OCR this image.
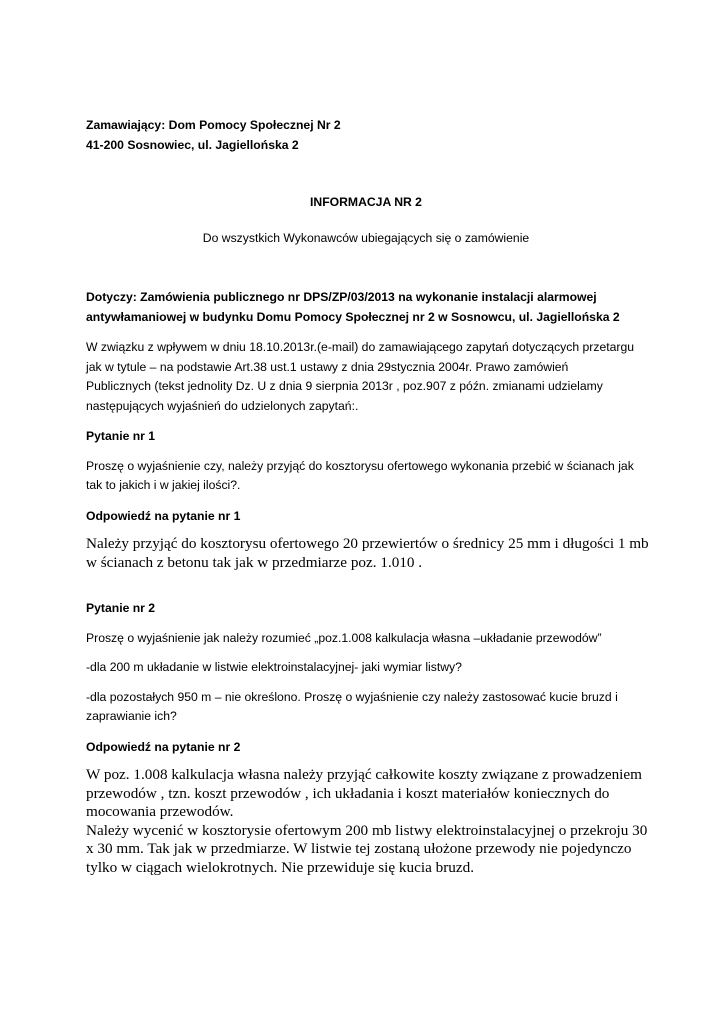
Zamawiający: Dom Pomocy Społecznej Nr 2
41-200 Sosnowiec, ul. Jagiellońska 2
INFORMACJA NR 2
Do wszystkich Wykonawców ubiegających się o zamówienie
Dotyczy: Zamówienia publicznego nr DPS/ZP/03/2013 na wykonanie instalacji alarmowej
antywłamaniowej w budynku Domu Pomocy Społecznej nr 2 w Sosnowcu, ul. Jagiellońska 2
W związku z wpływem w dniu 18.10.2013r.(e-mail) do zamawiającego zapytań dotyczących przetargu
jak w tytule – na podstawie Art.38 ust.1 ustawy z dnia 29stycznia 2004r. Prawo zamówień
Publicznych (tekst jednolity Dz. U z dnia 9 sierpnia 2013r , poz.907 z późn. zmianami udzielamy
następujących wyjaśnień do udzielonych zapytań:.
Pytanie nr 1
Proszę o wyjaśnienie czy, należy przyjąć do kosztorysu ofertowego wykonania przebić w ścianach jak
tak to jakich i w jakiej ilości?.
Odpowiedź na pytanie nr 1
Należy przyjąć do kosztorysu ofertowego 20 przewiertów o średnicy 25 mm i długości 1 mb
w ścianach z betonu tak jak w przedmiarze poz. 1.010 .
Pytanie nr 2
Proszę o wyjaśnienie jak należy rozumieć „poz.1.008 kalkulacja własna –układanie przewodów”
-dla 200 m układanie w listwie elektroinstalacyjnej- jaki wymiar listwy?
-dla pozostałych 950 m – nie określono. Proszę o wyjaśnienie czy należy zastosować kucie bruzd i
zaprawianie ich?
Odpowiedź na pytanie nr 2
W poz. 1.008 kalkulacja własna należy przyjąć całkowite koszty związane z prowadzeniem
przewodów , tzn. koszt przewodów , ich układania i koszt materiałów koniecznych do
mocowania przewodów.
Należy wycenić w kosztorysie ofertowym 200 mb listwy elektroinstalacyjnej o przekroju 30
x 30 mm. Tak jak w przedmiarze. W listwie tej zostaną ułożone przewody nie pojedynczo
tylko w ciągach wielokrotnych. Nie przewiduje się kucia bruzd.
